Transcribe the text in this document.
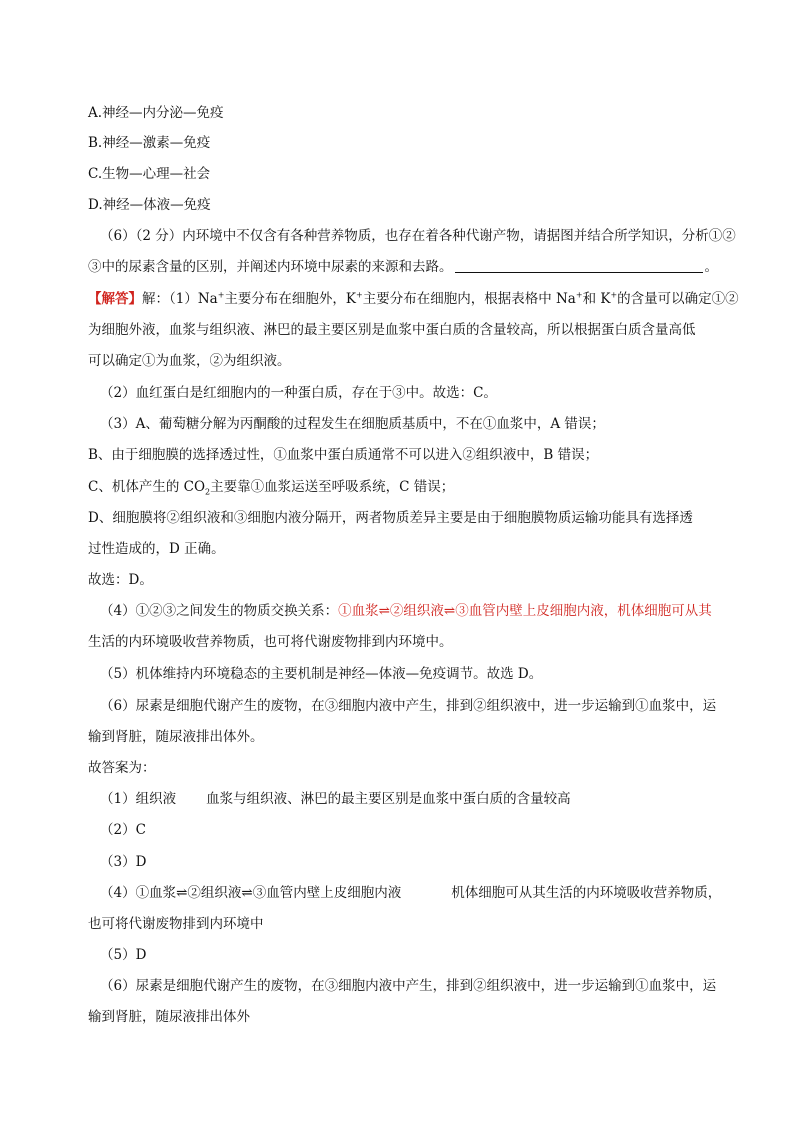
A.神经—内分泌—免疫
B.神经—激素—免疫
C.生物—心理—社会
D.神经—体液—免疫
（6）（2 分）内环境中不仅含有各种营养物质，也存在着各种代谢产物，请据图并结合所学知识，分析①②
③中的尿素含量的区别，并阐述内环境中尿素的来源和去路。	。
【解答】解：（1）Na+主要分布在细胞外，K+主要分布在细胞内，根据表格中 Na+和 K+的含量可以确定①②
为细胞外液，血浆与组织液、淋巴的最主要区别是血浆中蛋白质的含量较高，所以根据蛋白质含量高低
可以确定①为血浆，②为组织液。
（2）血红蛋白是红细胞内的一种蛋白质，存在于③中。故选：C。
（3）A、葡萄糖分解为丙酮酸的过程发生在细胞质基质中，不在①血浆中，A 错误；
B、由于细胞膜的选择透过性，①血浆中蛋白质通常不可以进入②组织液中，B 错误；
C、机体产生的 $CO_2$主要靠①血浆运送至呼吸系统，C 错误；
D、细胞膜将②组织液和③细胞内液分隔开，两者物质差异主要是由于细胞膜物质运输功能具有选择透
过性造成的，D 正确。
故选：D。
（4）①②③之间发生的物质交换关系：①血浆⇌②组织液⇌③血管内壁上皮细胞内液，机体细胞可从其
生活的内环境吸收营养物质，也可将代谢废物排到内环境中。
（5）机体维持内环境稳态的主要机制是神经—体液—免疫调节。故选 D。
（6）尿素是细胞代谢产生的废物，在③细胞内液中产生，排到②组织液中，进一步运输到①血浆中，运
输到肾脏，随尿液排出体外。
故答案为：
（1）组织液 血浆与组织液、淋巴的最主要区别是血浆中蛋白质的含量较高
（2）C
（3）D
（4）①血浆⇌②组织液⇌③血管内壁上皮细胞内液	机体细胞可从其生活的内环境吸收营养物质，
也可将代谢废物排到内环境中
（5）D
（6）尿素是细胞代谢产生的废物，在③细胞内液中产生，排到②组织液中，进一步运输到①血浆中，运
输到肾脏，随尿液排出体外
